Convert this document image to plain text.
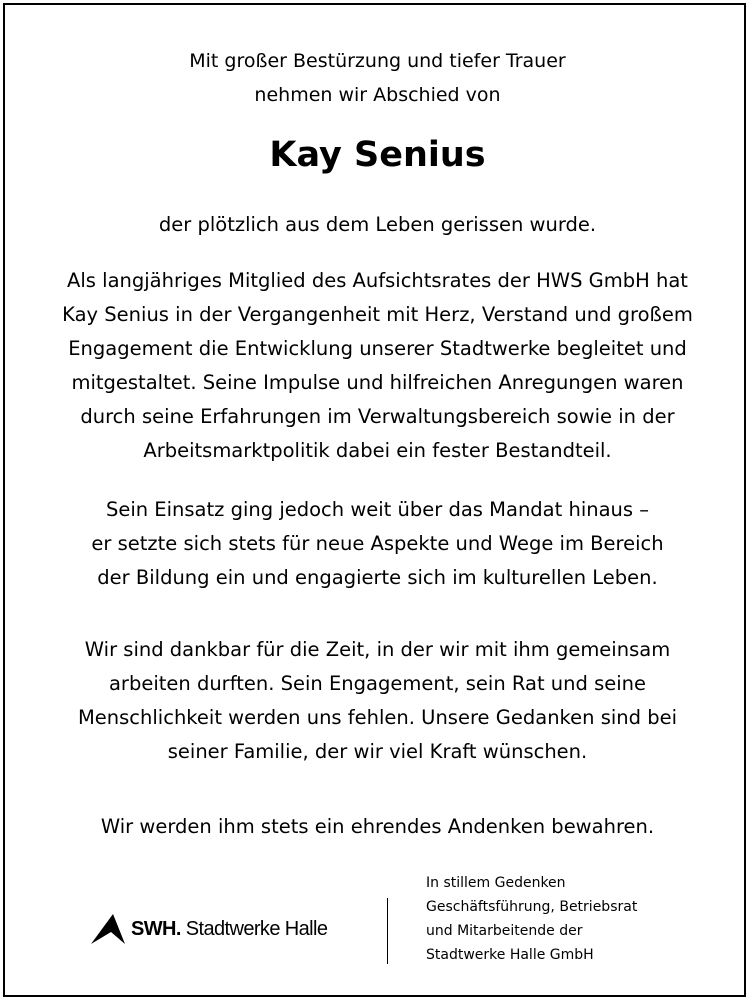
Mit großer Bestürzung und tiefer Trauer
nehmen wir Abschied von
Kay Senius
der plötzlich aus dem Leben gerissen wurde.
Als langjähriges Mitglied des Aufsichtsrates der HWS GmbH hat
Kay Senius in der Vergangenheit mit Herz, Verstand und großem
Engagement die Entwicklung unserer Stadtwerke begleitet und
mitgestaltet. Seine Impulse und hilfreichen Anregungen waren
durch seine Erfahrungen im Verwaltungsbereich sowie in der
Arbeitsmarktpolitik dabei ein fester Bestandteil.
Sein Einsatz ging jedoch weit über das Mandat hinaus –
er setzte sich stets für neue Aspekte und Wege im Bereich
der Bildung ein und engagierte sich im kulturellen Leben.
Wir sind dankbar für die Zeit, in der wir mit ihm gemeinsam
arbeiten durften. Sein Engagement, sein Rat und seine
Menschlichkeit werden uns fehlen. Unsere Gedanken sind bei
seiner Familie, der wir viel Kraft wünschen.
Wir werden ihm stets ein ehrendes Andenken bewahren.
SWH. Stadtwerke Halle
In stillem Gedenken
Geschäftsführung, Betriebsrat
und Mitarbeitende der
Stadtwerke Halle GmbH
